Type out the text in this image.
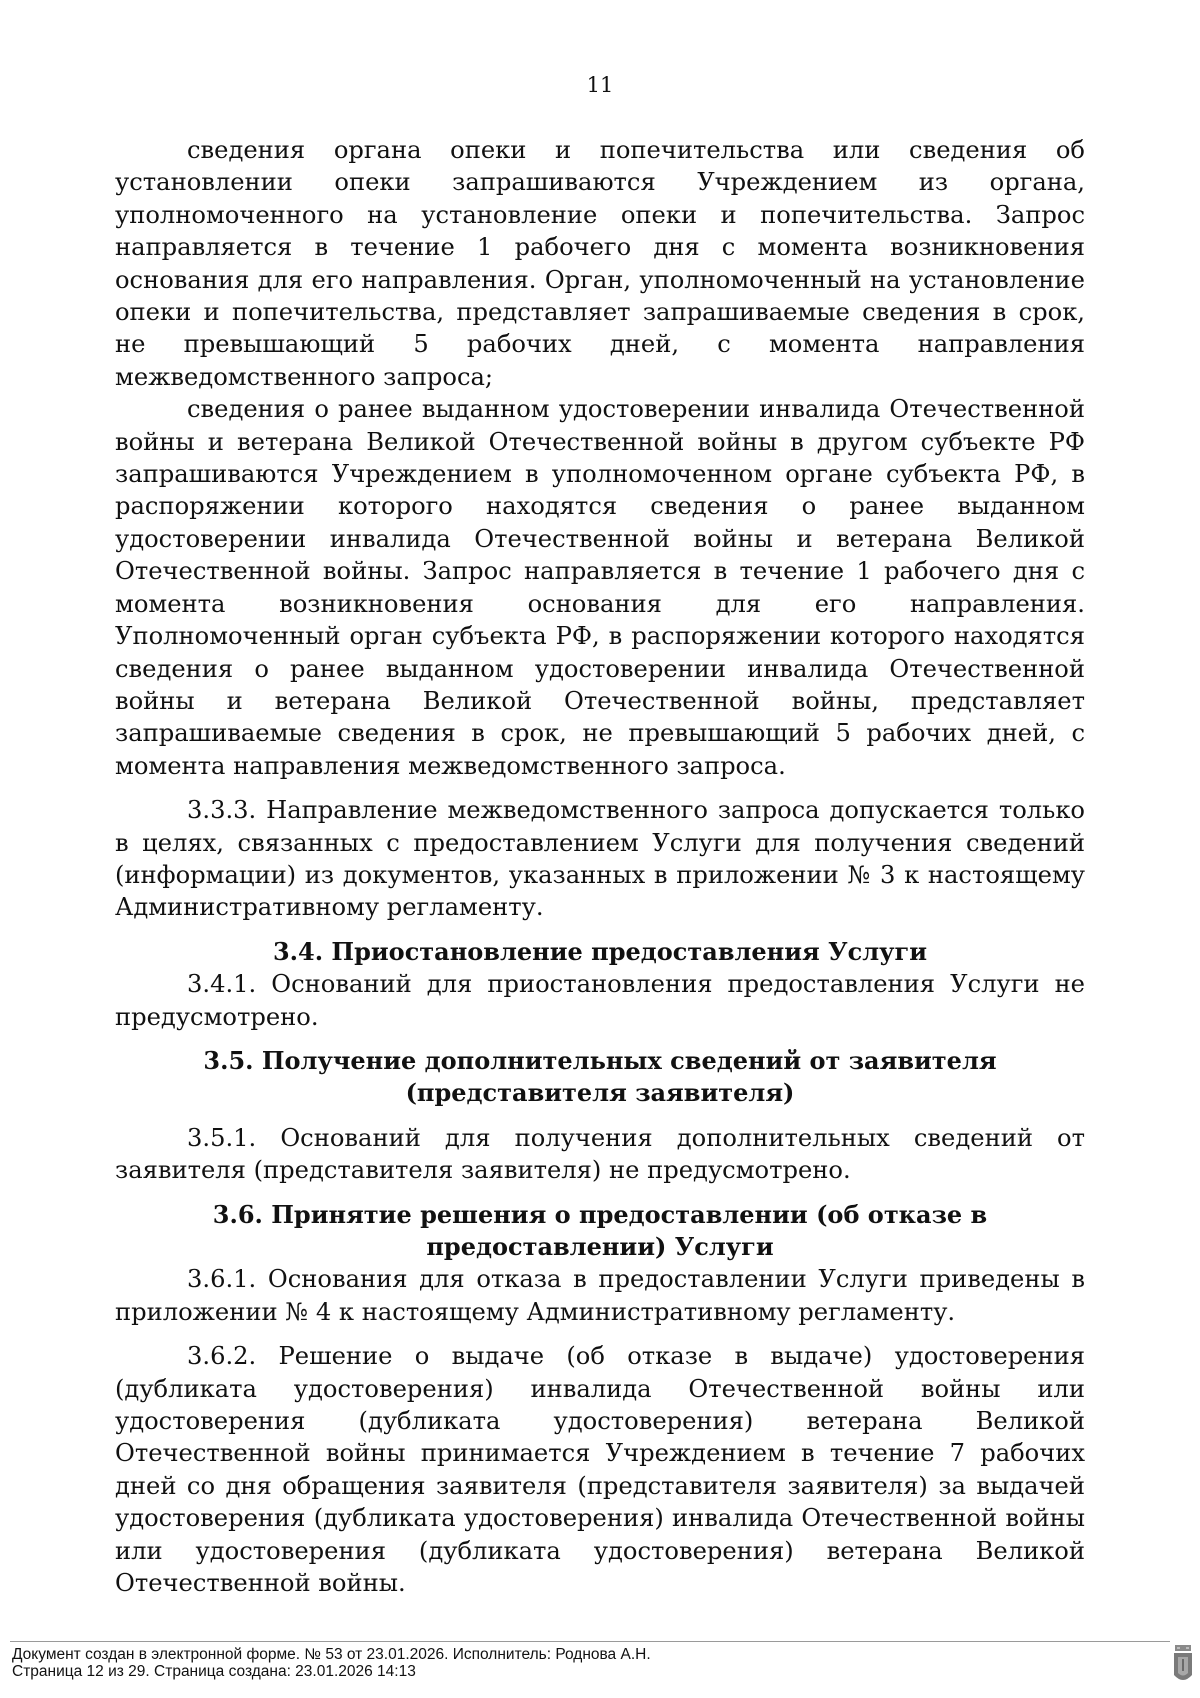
11

сведения органа опеки и попечительства или сведения об установлении опеки запрашиваются Учреждением из органа, уполномоченного на установление опеки и попечительства. Запрос направляется в течение 1 рабочего дня с момента возникновения основания для его направления. Орган, уполномоченный на установление опеки и попечительства, представляет запрашиваемые сведения в срок, не превышающий 5 рабочих дней, с момента направления межведомственного запроса;

сведения о ранее выданном удостоверении инвалида Отечественной войны и ветерана Великой Отечественной войны в другом субъекте РФ запрашиваются Учреждением в уполномоченном органе субъекта РФ, в распоряжении которого находятся сведения о ранее выданном удостоверении инвалида Отечественной войны и ветерана Великой Отечественной войны. Запрос направляется в течение 1 рабочего дня с момента возникновения основания для его направления. Уполномоченный орган субъекта РФ, в распоряжении которого находятся сведения о ранее выданном удостоверении инвалида Отечественной войны и ветерана Великой Отечественной войны, представляет запрашиваемые сведения в срок, не превышающий 5 рабочих дней, с момента направления межведомственного запроса.

3.3.3. Направление межведомственного запроса допускается только в целях, связанных с предоставлением Услуги для получения сведений (информации) из документов, указанных в приложении № 3 к настоящему Административному регламенту.

3.4. Приостановление предоставления Услуги

3.4.1. Оснований для приостановления предоставления Услуги не предусмотрено.

3.5. Получение дополнительных сведений от заявителя (представителя заявителя)

3.5.1. Оснований для получения дополнительных сведений от заявителя (представителя заявителя) не предусмотрено.

3.6. Принятие решения о предоставлении (об отказе в предоставлении) Услуги

3.6.1. Основания для отказа в предоставлении Услуги приведены в приложении № 4 к настоящему Административному регламенту.

3.6.2. Решение о выдаче (об отказе в выдаче) удостоверения (дубликата удостоверения) инвалида Отечественной войны или удостоверения (дубликата удостоверения) ветерана Великой Отечественной войны принимается Учреждением в течение 7 рабочих дней со дня обращения заявителя (представителя заявителя) за выдачей удостоверения (дубликата удостоверения) инвалида Отечественной войны или удостоверения (дубликата удостоверения) ветерана Великой Отечественной войны.

Документ создан в электронной форме. № 53 от 23.01.2026. Исполнитель: Роднова А.Н.
Страница 12 из 29. Страница создана: 23.01.2026 14:13
